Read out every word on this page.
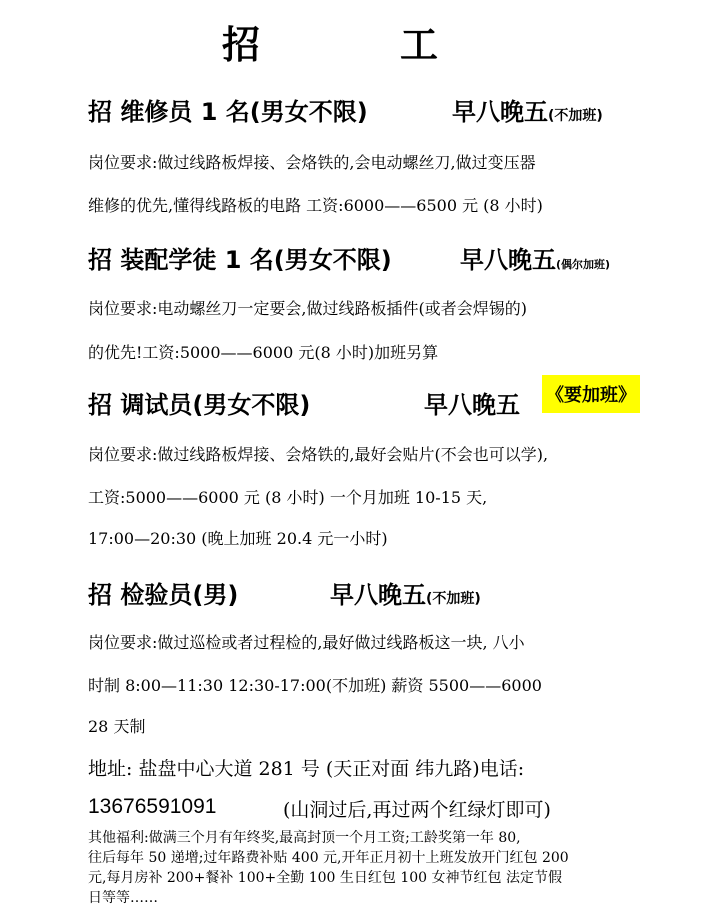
招	工
招 维修员 1 名(男女不限)	早八晚五(不加班)
岗位要求:做过线路板焊接、会烙铁的,会电动螺丝刀,做过变压器
维修的优先,懂得线路板的电路 工资:6000——6500 元 (8 小时)
招 装配学徒 1 名(男女不限)	早八晚五(偶尔加班)
岗位要求:电动螺丝刀一定要会,做过线路板插件(或者会焊锡的)
的优先!工资:5000——6000 元(8 小时)加班另算
招 调试员(男女不限)	早八晚五 《要加班》
岗位要求:做过线路板焊接、会烙铁的,最好会贴片(不会也可以学),
工资:5000——6000 元 (8 小时) 一个月加班 10-15 天,
17:00—20:30 (晚上加班 20.4 元一小时)
招 检验员(男)	早八晚五(不加班)
岗位要求:做过巡检或者过程检的,最好做过线路板这一块, 八小
时制 8:00—11:30 12:30-17:00(不加班) 薪资 5500——6000
28 天制
地址: 盐盘中心大道 281 号 (天正对面 纬九路)电话:
13676591091	(山洞过后,再过两个红绿灯即可)
其他福利:做满三个月有年终奖,最高封顶一个月工资;工龄奖第一年 80,
往后每年 50 递增;过年路费补贴 400 元,开年正月初十上班发放开门红包 200
元,每月房补 200+餐补 100+全勤 100 生日红包 100 女神节红包 法定节假
日等等……
